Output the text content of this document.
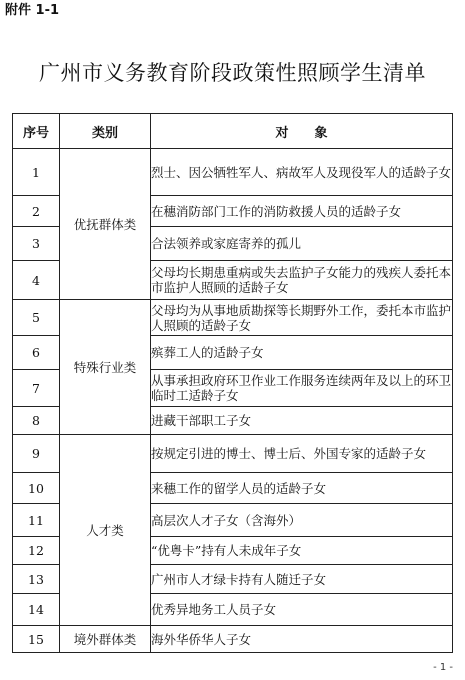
附件 1-1
广州市义务教育阶段政策性照顾学生清单
序号	类别	对　　象
1	优抚群体类	烈士、因公牺牲军人、病故军人及现役军人的适龄子女
2		在穗消防部门工作的消防救援人员的适龄子女
3		合法领养或家庭寄养的孤儿
4		父母均长期患重病或失去监护子女能力的残疾人委托本市监护人照顾的适龄子女
5	特殊行业类	父母均为从事地质勘探等长期野外工作，委托本市监护人照顾的适龄子女
6		殡葬工人的适龄子女
7		从事承担政府环卫作业工作服务连续两年及以上的环卫临时工适龄子女
8		进藏干部职工子女
9	人才类	按规定引进的博士、博士后、外国专家的适龄子女
10		来穗工作的留学人员的适龄子女
11		高层次人才子女（含海外）
12		“优粤卡”持有人未成年子女
13		广州市人才绿卡持有人随迁子女
14		优秀异地务工人员子女
15	境外群体类	海外华侨华人子女
- 1 -
